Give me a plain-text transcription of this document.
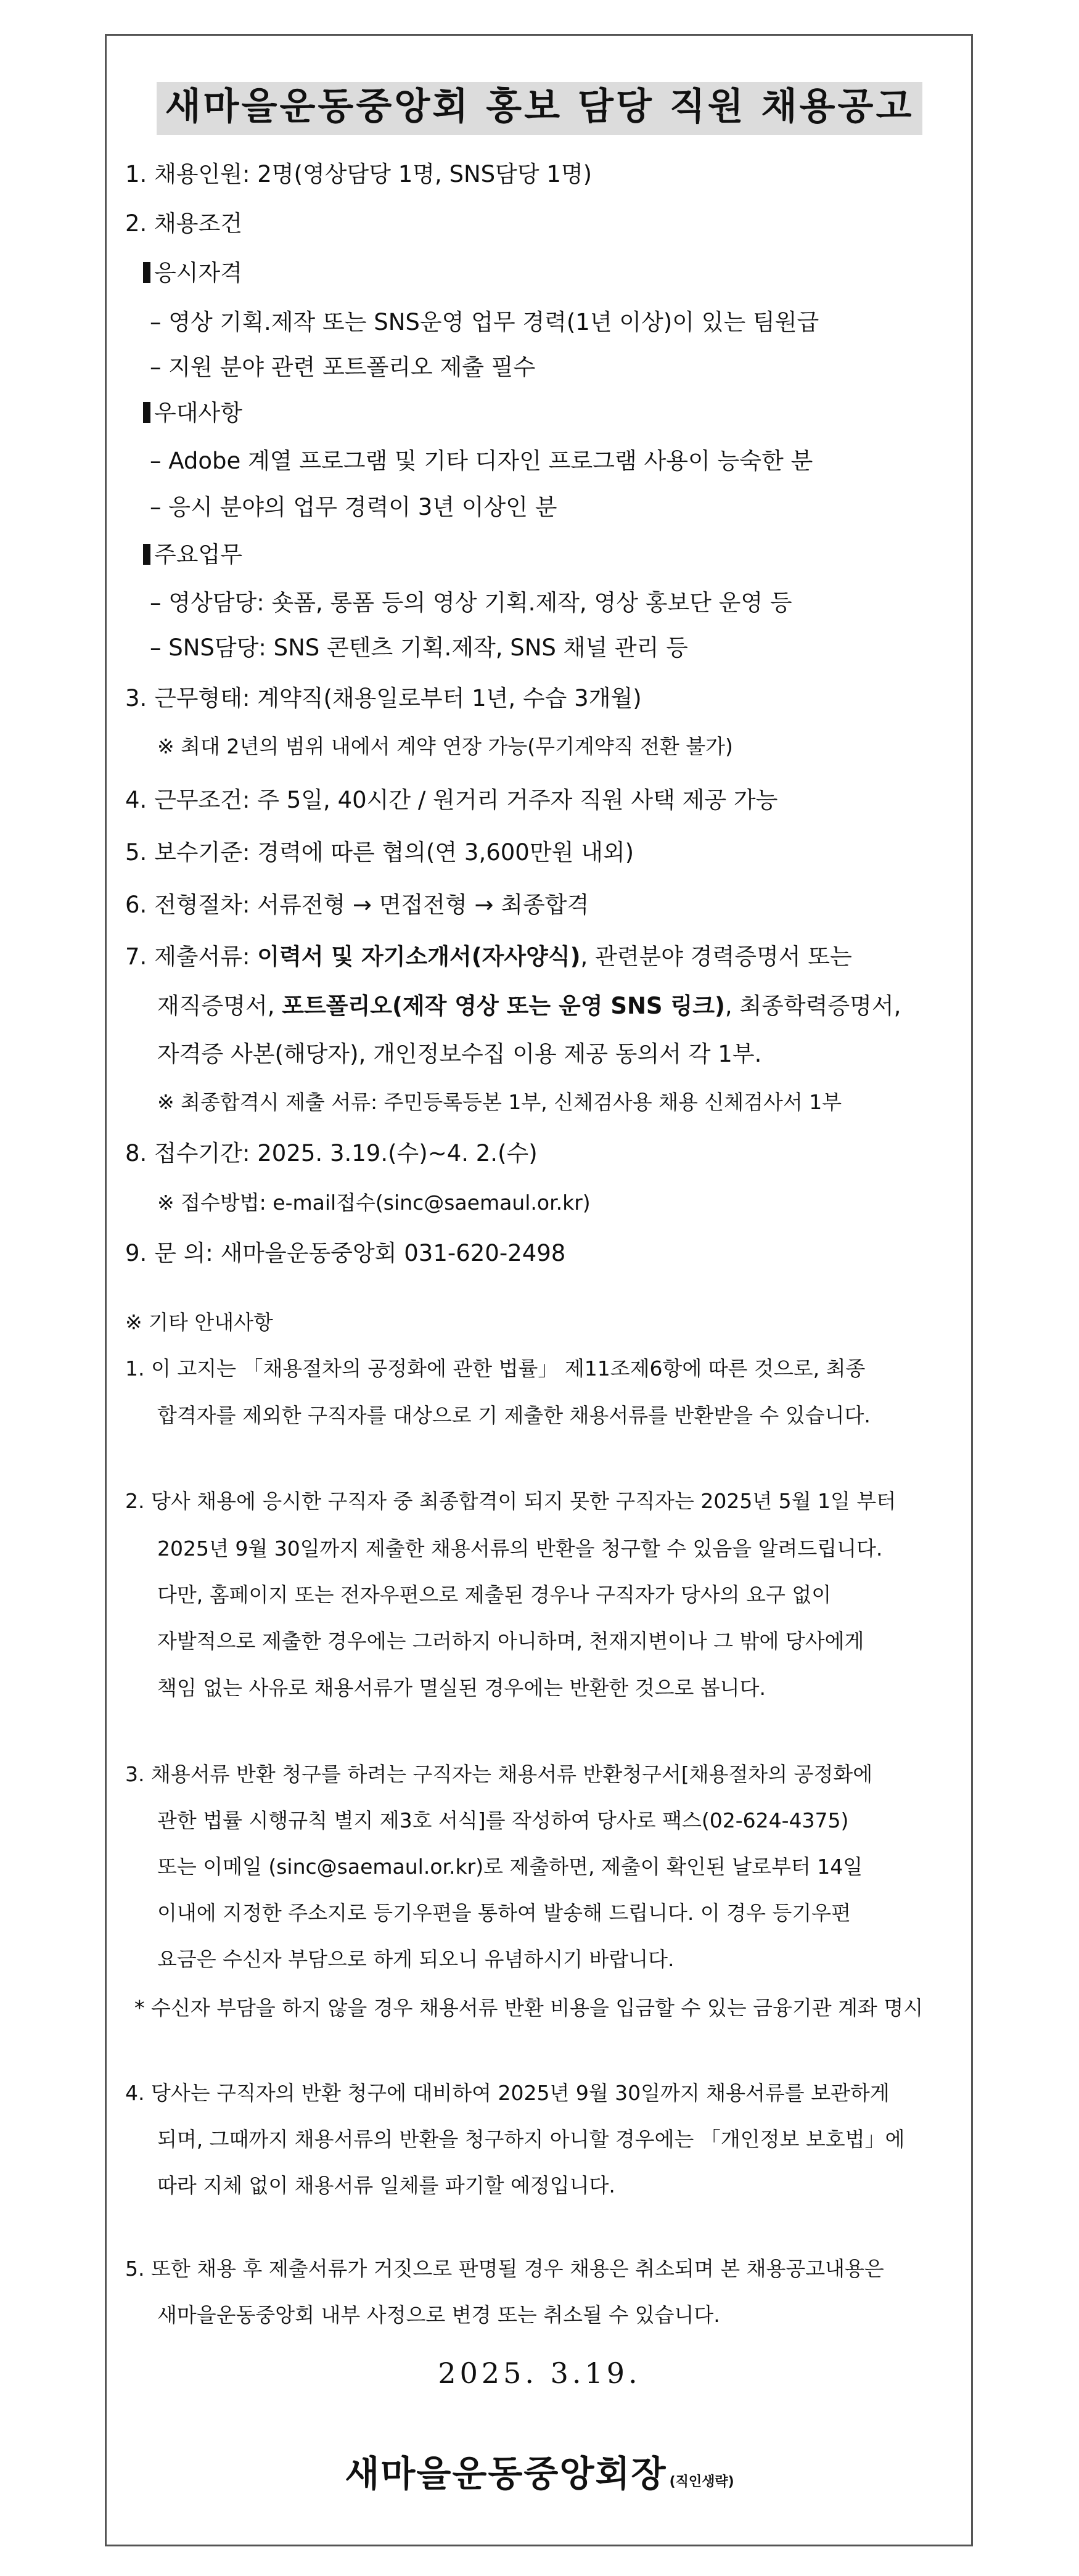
새마을운동중앙회 홍보 담당 직원 채용공고
1. 채용인원: 2명(영상담당 1명, SNS담당 1명)
2. 채용조건
응시자격
– 영상 기획.제작 또는 SNS운영 업무 경력(1년 이상)이 있는 팀원급
– 지원 분야 관련 포트폴리오 제출 필수
우대사항
– Adobe 계열 프로그램 및 기타 디자인 프로그램 사용이 능숙한 분
– 응시 분야의 업무 경력이 3년 이상인 분
주요업무
– 영상담당: 숏폼, 롱폼 등의 영상 기획.제작, 영상 홍보단 운영 등
– SNS담당: SNS 콘텐츠 기획.제작, SNS 채널 관리 등
3. 근무형태: 계약직(채용일로부터 1년, 수습 3개월)
※ 최대 2년의 범위 내에서 계약 연장 가능(무기계약직 전환 불가)
4. 근무조건: 주 5일, 40시간 / 원거리 거주자 직원 사택 제공 가능
5. 보수기준: 경력에 따른 협의(연 3,600만원 내외)
6. 전형절차: 서류전형 → 면접전형 → 최종합격
7. 제출서류: 이력서 및 자기소개서(자사양식), 관련분야 경력증명서 또는
재직증명서, 포트폴리오(제작 영상 또는 운영 SNS 링크), 최종학력증명서,
자격증 사본(해당자), 개인정보수집 이용 제공 동의서 각 1부.
※ 최종합격시 제출 서류: 주민등록등본 1부, 신체검사용 채용 신체검사서 1부
8. 접수기간: 2025. 3.19.(수)~4. 2.(수)
※ 접수방법: e-mail접수(sinc@saemaul.or.kr)
9. 문 의: 새마을운동중앙회 031-620-2498
※ 기타 안내사항
1. 이 고지는 「채용절차의 공정화에 관한 법률」 제11조제6항에 따른 것으로, 최종
합격자를 제외한 구직자를 대상으로 기 제출한 채용서류를 반환받을 수 있습니다.
2. 당사 채용에 응시한 구직자 중 최종합격이 되지 못한 구직자는 2025년 5월 1일 부터
2025년 9월 30일까지 제출한 채용서류의 반환을 청구할 수 있음을 알려드립니다.
다만, 홈페이지 또는 전자우편으로 제출된 경우나 구직자가 당사의 요구 없이
자발적으로 제출한 경우에는 그러하지 아니하며, 천재지변이나 그 밖에 당사에게
책임 없는 사유로 채용서류가 멸실된 경우에는 반환한 것으로 봅니다.
3. 채용서류 반환 청구를 하려는 구직자는 채용서류 반환청구서[채용절차의 공정화에
관한 법률 시행규칙 별지 제3호 서식]를 작성하여 당사로 팩스(02-624-4375)
또는 이메일 (sinc@saemaul.or.kr)로 제출하면, 제출이 확인된 날로부터 14일
이내에 지정한 주소지로 등기우편을 통하여 발송해 드립니다. 이 경우 등기우편
요금은 수신자 부담으로 하게 되오니 유념하시기 바랍니다.
* 수신자 부담을 하지 않을 경우 채용서류 반환 비용을 입금할 수 있는 금융기관 계좌 명시
4. 당사는 구직자의 반환 청구에 대비하여 2025년 9월 30일까지 채용서류를 보관하게
되며, 그때까지 채용서류의 반환을 청구하지 아니할 경우에는 「개인정보 보호법」에
따라 지체 없이 채용서류 일체를 파기할 예정입니다.
5. 또한 채용 후 제출서류가 거짓으로 판명될 경우 채용은 취소되며 본 채용공고내용은
새마을운동중앙회 내부 사정으로 변경 또는 취소될 수 있습니다.
2025. 3.19.
새마을운동중앙회장 (직인생략)
